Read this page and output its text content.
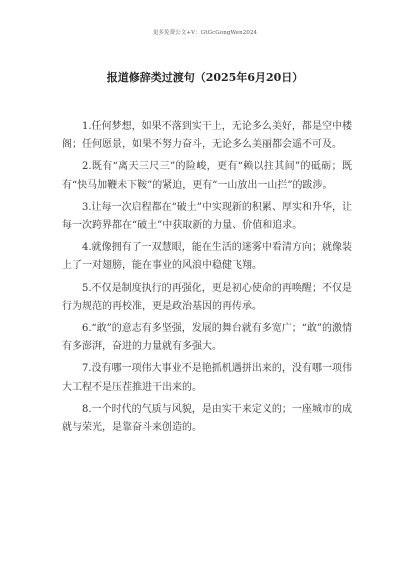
更多免费公文+V：GtGcGongWen2024
报道修辞类过渡句（2025年6月20日）

1.任何梦想，如果不落到实干上，无论多么美好，都是空中楼阁；任何愿景，如果不努力奋斗，无论多么美丽都会遥不可及。

2.既有“离天三尺三”的险峻，更有“赖以拄其间”的砥砺；既有“快马加鞭未下鞍”的紧迫，更有“一山放出一山拦”的跋涉。

3.让每一次启程都在“破土”中实现新的积累、厚实和升华，让每一次跨界都在“破土”中获取新的力量、价值和追求。

4.就像拥有了一双慧眼，能在生活的迷雾中看清方向；就像装上了一对翅膀，能在事业的风浪中稳健飞翔。

5.不仅是制度执行的再强化，更是初心使命的再唤醒；不仅是行为规范的再校准，更是政治基因的再传承。

6.“敢”的意志有多坚强，发展的舞台就有多宽广；“敢”的激情有多澎湃，奋进的力量就有多强大。

7.没有哪一项伟大事业不是艳抓机遇拼出来的，没有哪一项伟大工程不是压茬推进干出来的。

8.一个时代的气质与风貌，是由实干来定义的；一座城市的成就与荣光，是靠奋斗来创造的。
